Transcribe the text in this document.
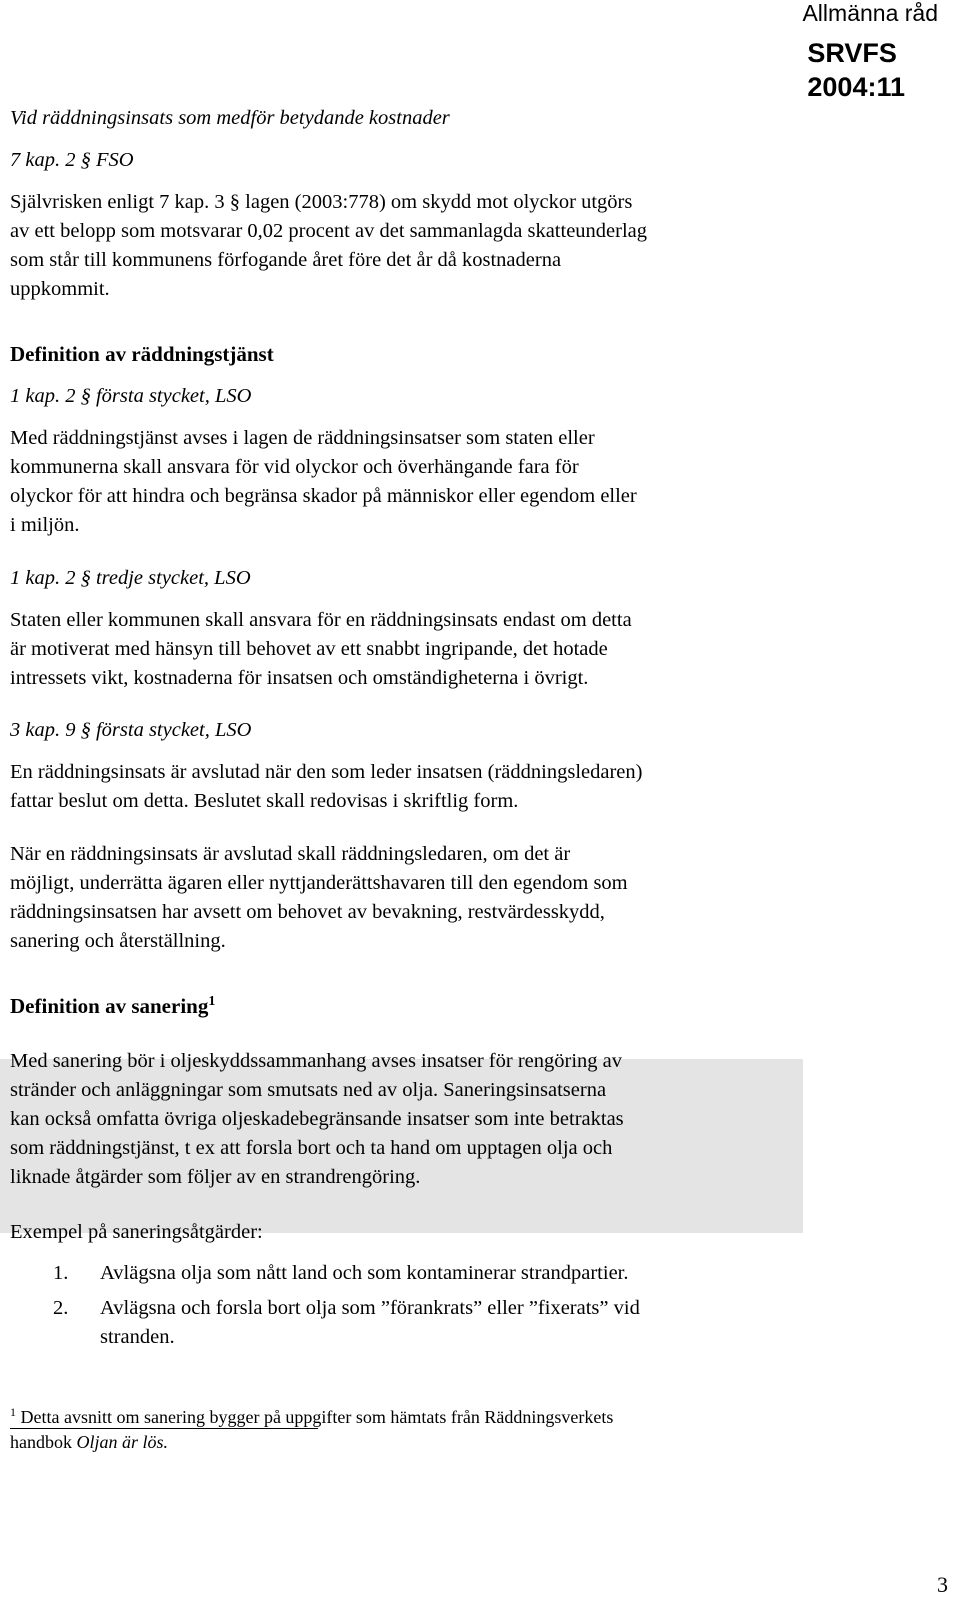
Allmänna råd
SRVFS
2004:11
Vid räddningsinsats som medför betydande kostnader
7 kap. 2 § FSO

Självrisken enligt 7 kap. 3 § lagen (2003:778) om skydd mot olyckor utgörs

av ett belopp som motsvarar 0,02 procent av det sammanlagda skatteunderlag

som står till kommunens förfogande året före det år då kostnaderna

uppkommit.

Definition av räddningstjänst
1 kap. 2 § första stycket, LSO

Med räddningstjänst avses i lagen de räddningsinsatser som staten eller

kommunerna skall ansvara för vid olyckor och överhängande fara för

olyckor för att hindra och begränsa skador på människor eller egendom eller

i miljön.

1 kap. 2 § tredje stycket, LSO

Staten eller kommunen skall ansvara för en räddningsinsats endast om detta

är motiverat med hänsyn till behovet av ett snabbt ingripande, det hotade

intressets vikt, kostnaderna för insatsen och omständigheterna i övrigt.

3 kap. 9 § första stycket, LSO

En räddningsinsats är avslutad när den som leder insatsen (räddningsledaren)

fattar beslut om detta. Beslutet skall redovisas i skriftlig form.

När en räddningsinsats är avslutad skall räddningsledaren, om det är

möjligt, underrätta ägaren eller nyttjanderättshavaren till den egendom som

räddningsinsatsen har avsett om behovet av bevakning, restvärdesskydd,

sanering och återställning.

Definition av sanering$^1$

Med sanering bör i oljeskyddssammanhang avses insatser för rengöring av

stränder och anläggningar som smutsats ned av olja. Saneringsinsatserna

kan också omfatta övriga oljeskadebegränsande insatser som inte betraktas

som räddningstjänst, t ex att forsla bort och ta hand om upptagen olja och

liknade åtgärder som följer av en strandrengöring.

Exempel på saneringsåtgärder:
1. Avlägsna olja som nått land och som kontaminerar strandpartier.
2. Avlägsna och forsla bort olja som ”förankrats” eller ”fixerats” vid
stranden.
$^1$ Detta avsnitt om sanering bygger på uppgifter som hämtats från Räddningsverkets
handbok Oljan är lös.
3
